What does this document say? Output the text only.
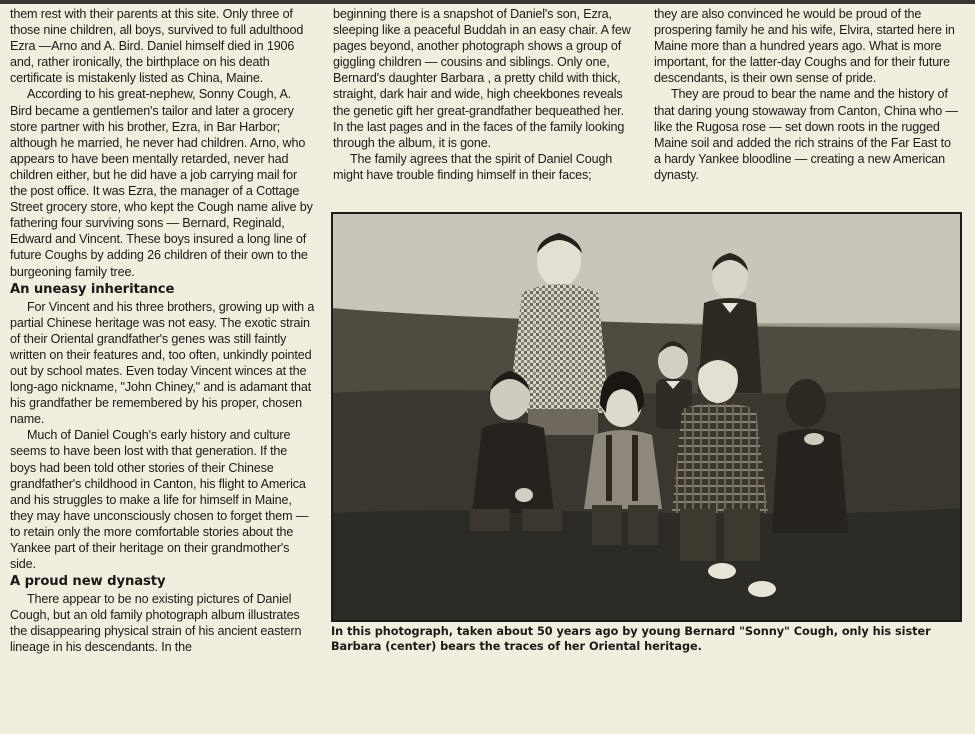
them rest with their parents at this site. Only three of those nine children, all boys, survived to full adulthood Ezra —Arno and A. Bird. Daniel himself died in 1906 and, rather ironically, the birthplace on his death certificate is mistakenly listed as China, Maine.

According to his great-nephew, Sonny Cough, A. Bird became a gentlemen's tailor and later a grocery store partner with his brother, Ezra, in Bar Harbor; although he married, he never had children. Arno, who appears to have been mentally retarded, never had children either, but he did have a job carrying mail for the post office. It was Ezra, the manager of a Cottage Street grocery store, who kept the Cough name alive by fathering four surviving sons — Bernard, Reginald, Edward and Vincent. These boys insured a long line of future Coughs by adding 26 children of their own to the burgeoning family tree.

An uneasy inheritance

For Vincent and his three brothers, growing up with a partial Chinese heritage was not easy. The exotic strain of their Oriental grandfather's genes was still faintly written on their features and, too often, unkindly pointed out by school mates. Even today Vincent winces at the long-ago nickname, "John Chiney," and is adamant that his grandfather be remembered by his proper, chosen name.

Much of Daniel Cough's early history and culture seems to have been lost with that generation. If the boys had been told other stories of their Chinese grandfather's childhood in Canton, his flight to America and his struggles to make a life for himself in Maine, they may have unconsciously chosen to forget them — to retain only the more comfortable stories about the Yankee part of their heritage on their grandmother's side.

A proud new dynasty

There appear to be no existing pictures of Daniel Cough, but an old family photograph album illustrates the disappearing physical strain of his ancient eastern lineage in his descendants. In the

beginning there is a snapshot of Daniel's son, Ezra, sleeping like a peaceful Buddah in an easy chair. A few pages beyond, another photograph shows a group of giggling children — cousins and siblings. Only one, Bernard's daughter Barbara , a pretty child with thick, straight, dark hair and wide, high cheekbones reveals the genetic gift her great-grandfather bequeathed her. In the last pages and in the faces of the family looking through the album, it is gone.

The family agrees that the spirit of Daniel Cough might have trouble finding himself in their faces;

they are also convinced he would be proud of the prospering family he and his wife, Elvira, started here in Maine more than a hundred years ago. What is more important, for the latter-day Coughs and for their future descendants, is their own sense of pride.

They are proud to bear the name and the history of that daring young stowaway from Canton, China who — like the Rugosa rose — set down roots in the rugged Maine soil and added the rich strains of the Far East to a hardy Yankee bloodline — creating a new American dynasty.

In this photograph, taken about 50 years ago by young Bernard "Sonny" Cough, only his sister Barbara (center) bears the traces of her Oriental heritage.
